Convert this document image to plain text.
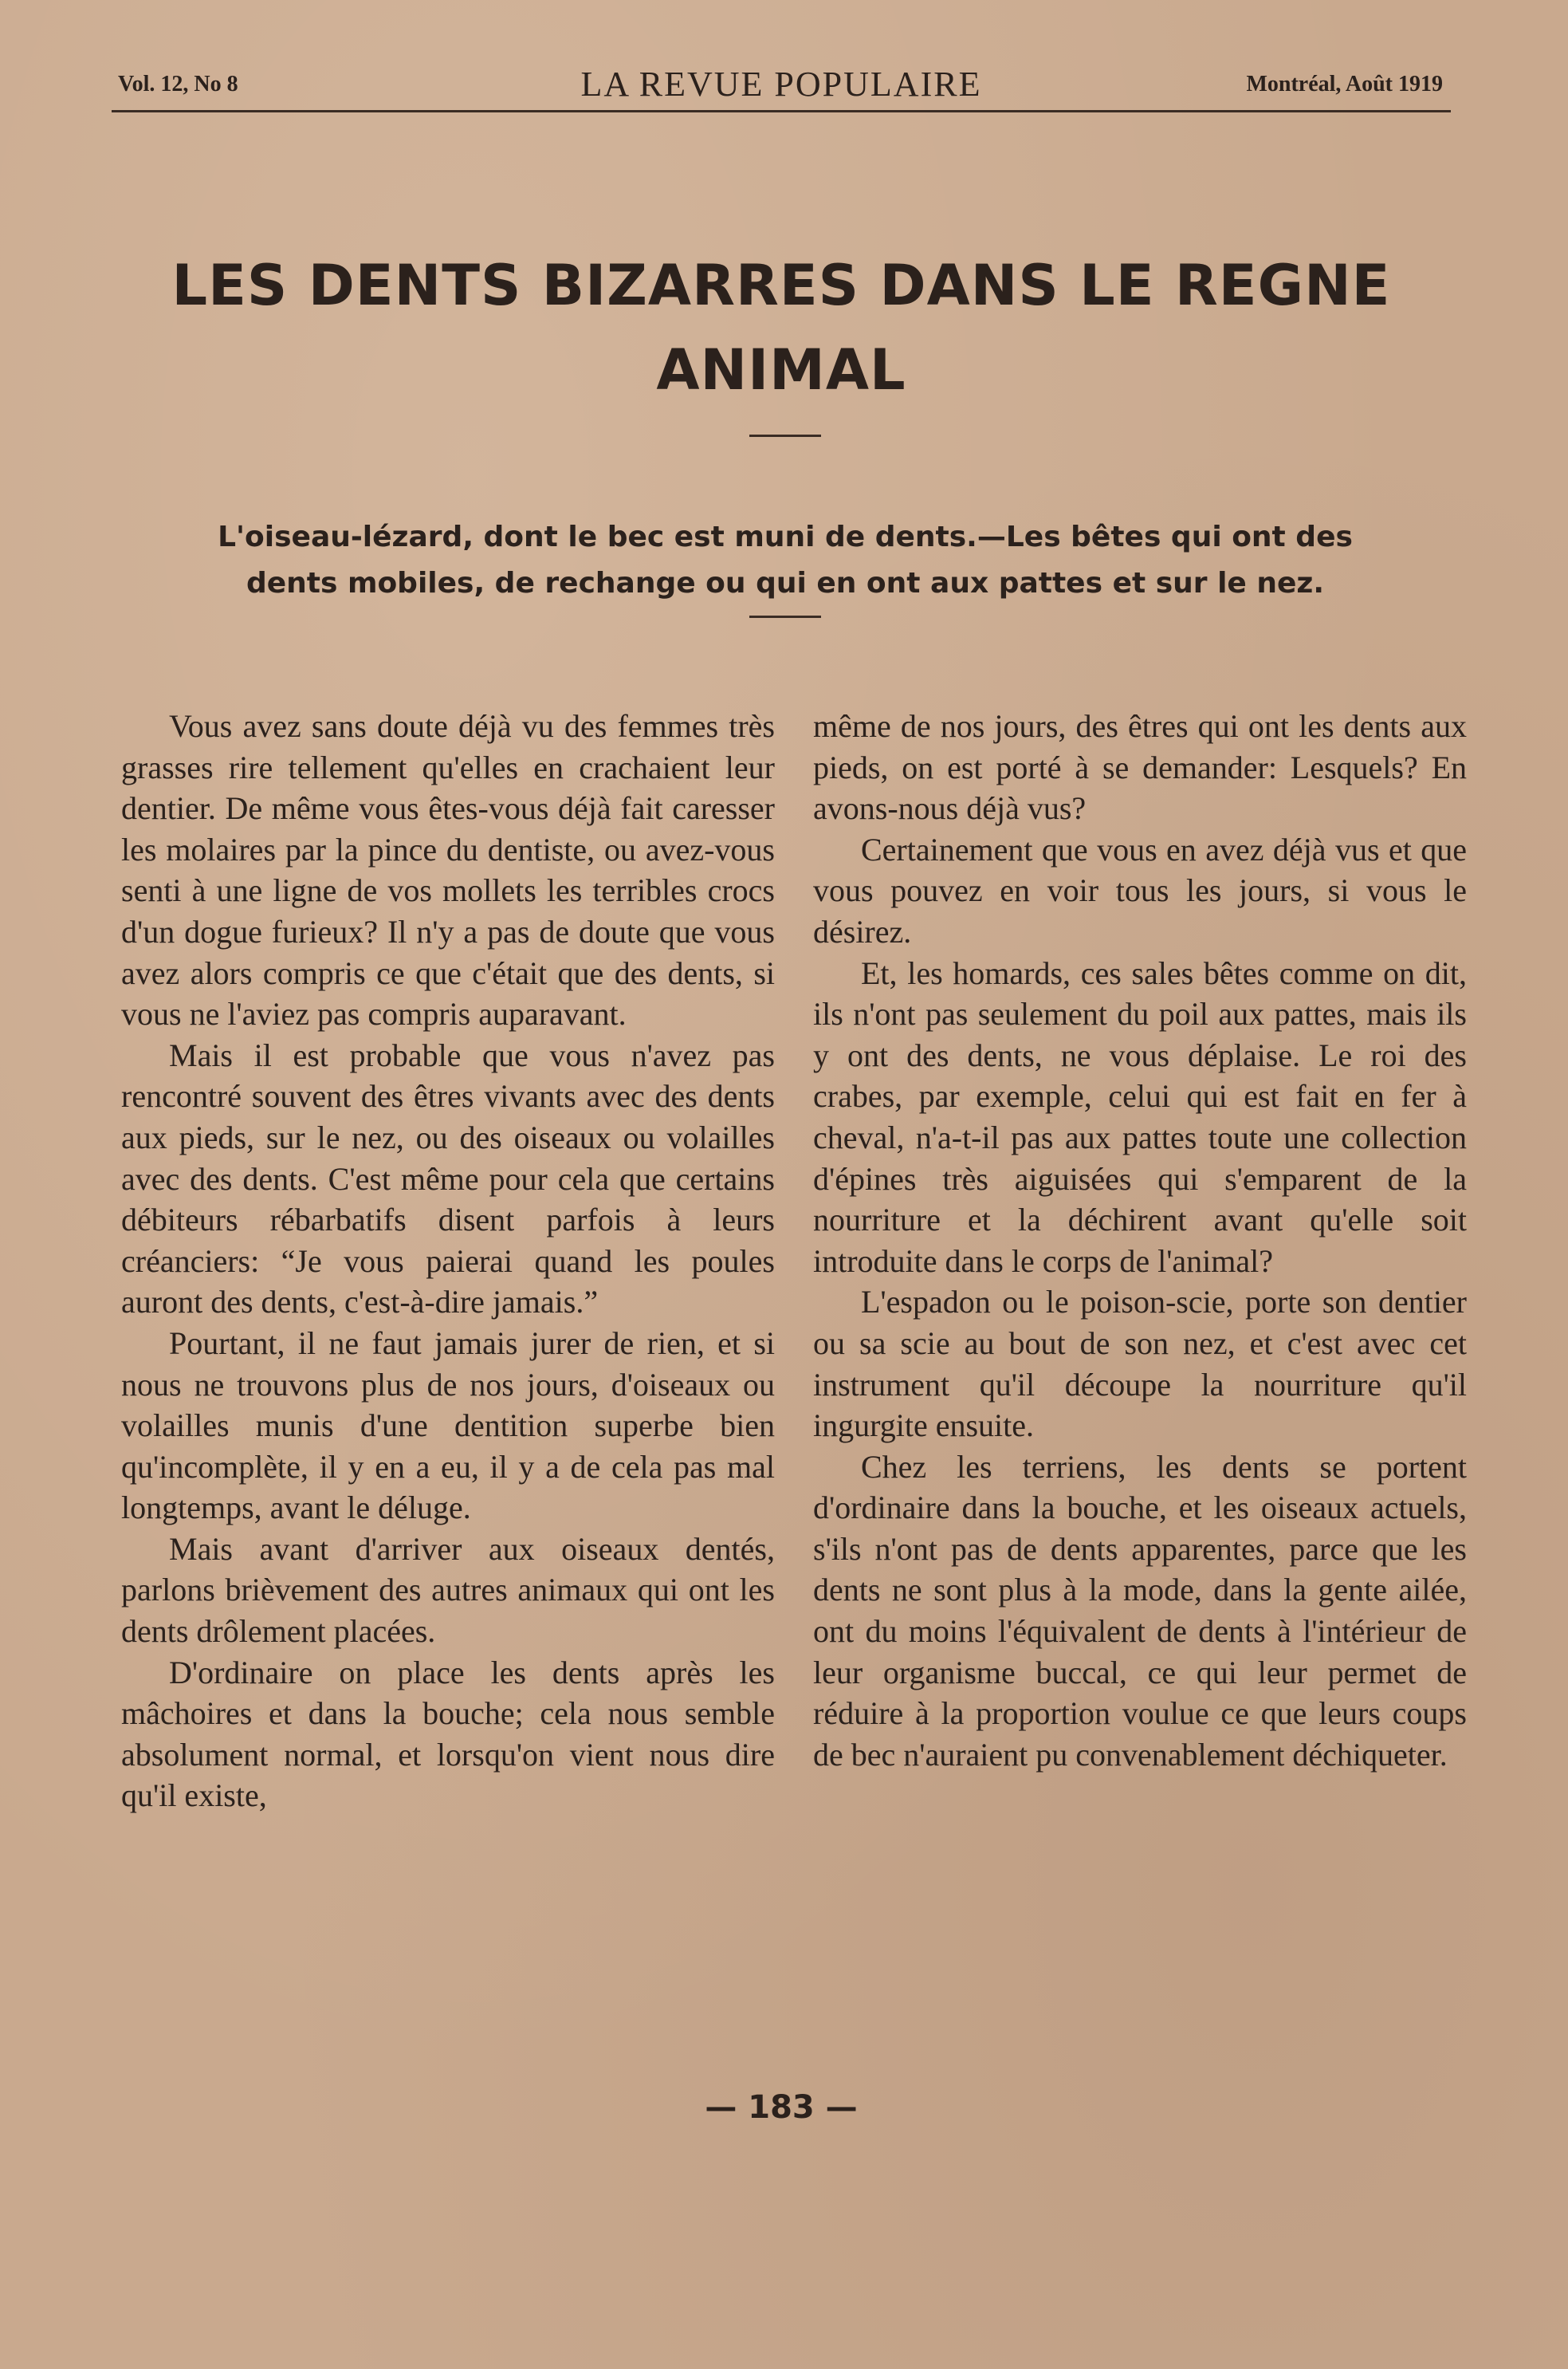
Vol. 12, No 8	LA REVUE POPULAIRE	Montréal, Août 1919
LES DENTS BIZARRES DANS LE REGNE
ANIMAL
L'oiseau-lézard, dont le bec est muni de dents.—Les bêtes qui ont des
dents mobiles, de rechange ou qui en ont aux pattes et sur le nez.

Vous avez sans doute déjà vu des femmes très grasses rire tellement qu'elles en crachaient leur dentier. De même vous êtes-vous déjà fait caresser les molaires par la pince du dentiste, ou avez-vous senti à une ligne de vos mollets les terribles crocs d'un dogue furieux? Il n'y a pas de doute que vous avez alors compris ce que c'était que des dents, si vous ne l'aviez pas compris auparavant.

Mais il est probable que vous n'avez pas rencontré souvent des êtres vivants avec des dents aux pieds, sur le nez, ou des oiseaux ou volailles avec des dents. C'est même pour cela que certains débiteurs rébarbatifs disent parfois à leurs créanciers: “Je vous paierai quand les poules auront des dents, c'est-à-dire jamais.”

Pourtant, il ne faut jamais jurer de rien, et si nous ne trouvons plus de nos jours, d'oiseaux ou volailles munis d'une dentition superbe bien qu'incomplète, il y en a eu, il y a de cela pas mal longtemps, avant le déluge.

Mais avant d'arriver aux oiseaux dentés, parlons brièvement des autres animaux qui ont les dents drôlement placées.

D'ordinaire on place les dents après les mâchoires et dans la bouche; cela nous semble absolument normal, et lorsqu'on vient nous dire qu'il existe,

même de nos jours, des êtres qui ont les dents aux pieds, on est porté à se demander: Lesquels? En avons-nous déjà vus?

Certainement que vous en avez déjà vus et que vous pouvez en voir tous les jours, si vous le désirez.

Et, les homards, ces sales bêtes comme on dit, ils n'ont pas seulement du poil aux pattes, mais ils y ont des dents, ne vous déplaise. Le roi des crabes, par exemple, celui qui est fait en fer à cheval, n'a-t-il pas aux pattes toute une collection d'épines très aiguisées qui s'emparent de la nourriture et la déchirent avant qu'elle soit introduite dans le corps de l'animal?

L'espadon ou le poison-scie, porte son dentier ou sa scie au bout de son nez, et c'est avec cet instrument qu'il découpe la nourriture qu'il ingurgite ensuite.

Chez les terriens, les dents se portent d'ordinaire dans la bouche, et les oiseaux actuels, s'ils n'ont pas de dents apparentes, parce que les dents ne sont plus à la mode, dans la gente ailée, ont du moins l'équivalent de dents à l'intérieur de leur organisme buccal, ce qui leur permet de réduire à la proportion voulue ce que leurs coups de bec n'auraient pu convenablement déchiqueter.

— 183 —
